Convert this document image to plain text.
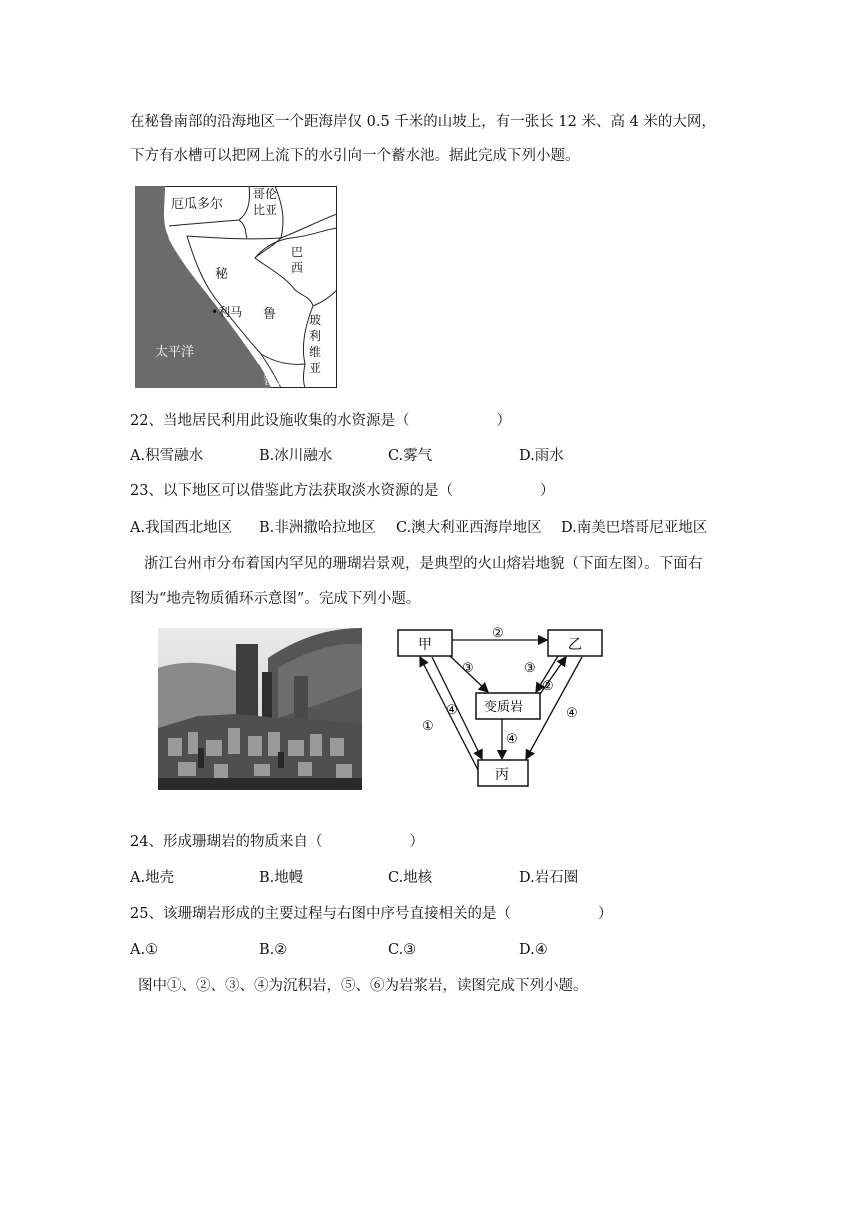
在秘鲁南部的沿海地区一个距海岸仅 0.5 千米的山坡上，有一张长 12 米、高 4 米的大网，
下方有水槽可以把网上流下的水引向一个蓄水池。据此完成下列小题。
厄瓜多尔
哥伦
比亚
巴
西
秘
鲁
•利马
玻
利
维
亚
太平洋
智利
22、当地居民利用此设施收集的水资源是（　　　　　　）
A.积雪融水	B.冰川融水	C.雾气	D.雨水
23、以下地区可以借鉴此方法获取淡水资源的是（　　　　　　）
A.我国西北地区 B.非洲撒哈拉地区 C.澳大利亚西海岸地区 D.南美巴塔哥尼亚地区
浙江台州市分布着国内罕见的珊瑚岩景观，是典型的火山熔岩地貌（下面左图）。下面右
图为“地壳物质循环示意图”。完成下列小题。
甲	乙
变质岩
丙
②
③	③
②
④
①
④	④
24、形成珊瑚岩的物质来自（　　　　　　）
A.地壳	B.地幔	C.地核	D.岩石圈
25、该珊瑚岩形成的主要过程与右图中序号直接相关的是（　　　　　　）
A.①	B.②	C.③	D.④
图中①、②、③、④为沉积岩，⑤、⑥为岩浆岩，读图完成下列小题。
